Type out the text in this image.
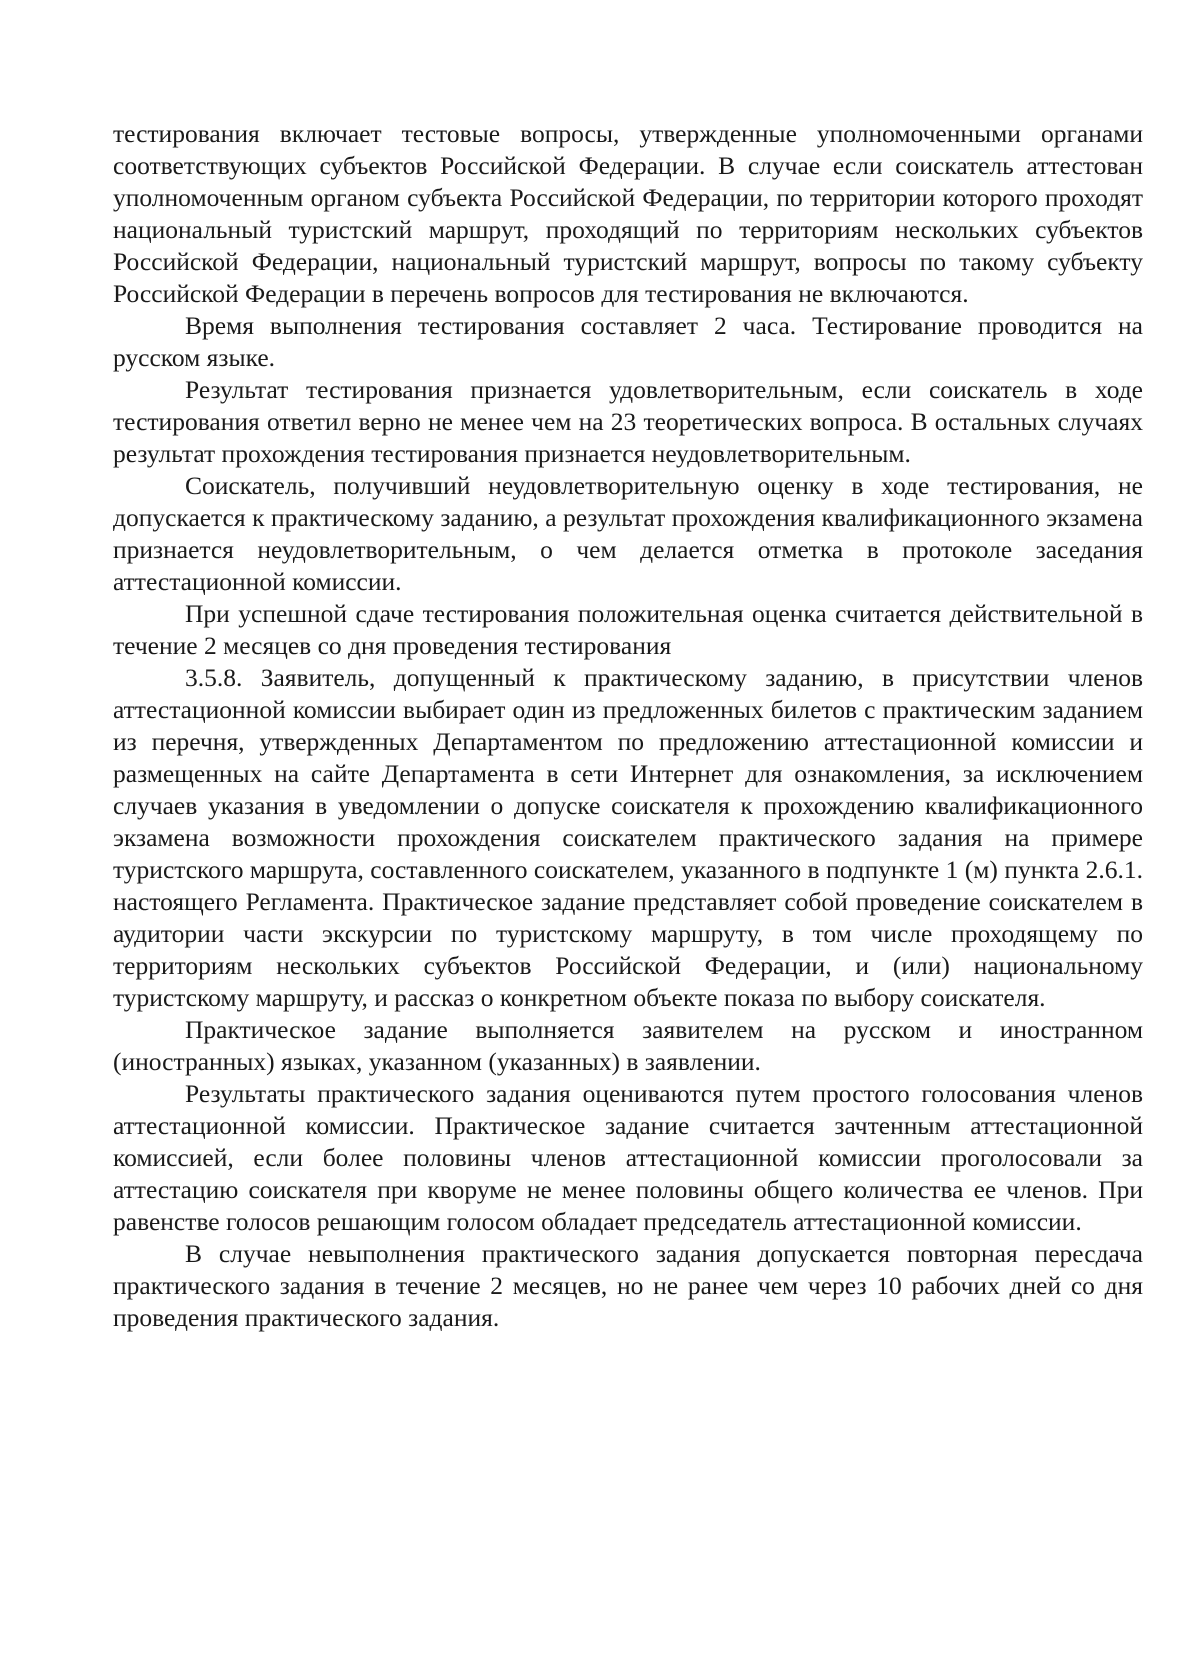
тестирования включает тестовые вопросы, утвержденные уполномоченными органами соответствующих субъектов Российской Федерации. В случае если соискатель аттестован уполномоченным органом субъекта Российской Федерации, по территории которого проходят национальный туристский маршрут, проходящий по территориям нескольких субъектов Российской Федерации, национальный туристский маршрут, вопросы по такому субъекту Российской Федерации в перечень вопросов для тестирования не включаются.

Время выполнения тестирования составляет 2 часа. Тестирование проводится на русском языке.

Результат тестирования признается удовлетворительным, если соискатель в ходе тестирования ответил верно не менее чем на 23 теоретических вопроса. В остальных случаях результат прохождения тестирования признается неудовлетворительным.

Соискатель, получивший неудовлетворительную оценку в ходе тестирования, не допускается к практическому заданию, а результат прохождения квалификационного экзамена признается неудовлетворительным, о чем делается отметка в протоколе заседания аттестационной комиссии.

При успешной сдаче тестирования положительная оценка считается действительной в течение 2 месяцев со дня проведения тестирования

3.5.8. Заявитель, допущенный к практическому заданию, в присутствии членов аттестационной комиссии выбирает один из предложенных билетов с практическим заданием из перечня, утвержденных Департаментом по предложению аттестационной комиссии и размещенных на сайте Департамента в сети Интернет для ознакомления, за исключением случаев указания в уведомлении о допуске соискателя к прохождению квалификационного экзамена возможности прохождения соискателем практического задания на примере туристского маршрута, составленного соискателем, указанного в подпункте 1 (м) пункта 2.6.1. настоящего Регламента. Практическое задание представляет собой проведение соискателем в аудитории части экскурсии по туристскому маршруту, в том числе проходящему по территориям нескольких субъектов Российской Федерации, и (или) национальному туристскому маршруту, и рассказ о конкретном объекте показа по выбору соискателя.

Практическое задание выполняется заявителем на русском и иностранном (иностранных) языках, указанном (указанных) в заявлении.

Результаты практического задания оцениваются путем простого голосования членов аттестационной комиссии. Практическое задание считается зачтенным аттестационной комиссией, если более половины членов аттестационной комиссии проголосовали за аттестацию соискателя при кворуме не менее половины общего количества ее членов. При равенстве голосов решающим голосом обладает председатель аттестационной комиссии.

В случае невыполнения практического задания допускается повторная пересдача практического задания в течение 2 месяцев, но не ранее чем через 10 рабочих дней со дня проведения практического задания.
